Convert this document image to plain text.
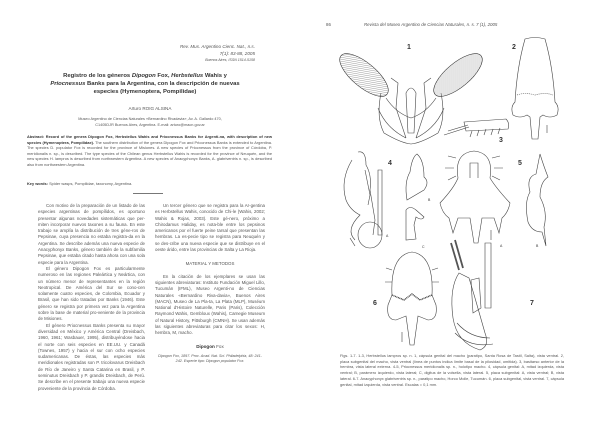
Rev. Mus. Argentino Cienc. Nat., n.s.
7(1): 83-88, 2005
Buenos Aires, ISSN 1514-5158
Registro de los géneros Dipogon Fox, Herbstellus Wahis y
Priocnessus Banks para la Argentina, con la descripción de nuevas especies (Hymenoptera, Pompilidae)
Arturo ROIG ALSINA
Museo Argentino de Ciencias Naturales «Bernardino Rivadavia», Av. A. Gallardo 470,
C1405DJR Buenos Aires, Argentina. E-mail: arturo@macn.gov.ar
Abstract: Record of the genera Dipogon Fox, Herbstellus Wahis and Priocnessus Banks for Argenti-na, with description of new species (Hymenoptera, Pompilidae). The southern distribution of the genera Dipogon Fox and Priocnessus Banks is extended to Argentina. The species D. populator Fox is recorded for the province of Misiones. A new species of Priocnessus from the province of Córdoba, P. meridionalis n. sp., is described. The type species of the Chilean genus Herbstellus Wahis is recorded for the province of Neuquén, and the new species H. lampros is described from northwestern Argentina. A new species of Anacyphonyx Banks, A. glabriventris n. sp., is described also from northwestern Argentina.
Key words: Spider wasps, Pompilidae, taxonomy, Argentina.

Con motivo de la preparación de un listado de las especies argentinas de pompílidos, es oportuno presentar algunas novedades sistemáticas que per-miten incorporar nuevos taxones a su fauna. En este trabajo se amplía la distribución de tres géne-ros de Pepsinae, cuya presencia no estaba registra-da en la Argentina. Se describe además una nueva especie de Anacyphonyx Banks, género también de la subfamilia Pepsinae, que estaba citado hasta ahora con una sola especie para la Argentina.

El género Dipogon Fox es particularmente numeroso en las regiones Paleártica y Neártica, con un número menor de representantes en la región Neotropical. De América del Sur se cono-cen solamente cuatro especies, de Colombia, Ecuador y Brasil, que han sido tratadas por Banks (1946). Este género se registra por primera vez para la Argentina sobre la base de material pro-veniente de la provincia de Misiones.

El género Priocnessus Banks presenta su mayor diversidad en México y América Central (Dreisbach, 1960, 1961; Wasbauer, 1995), distribuyéndose hacia el norte con seis especies en EE.UU. y Canadá (Townes, 1957) y hacia el sur con ocho especies sudamericanas. De éstas, las especies más meridionales registradas son P. tricolovarus Dreisbach de Río de Janeiro y Santa Catarina en Brasil, y P. seminutus Dreisbach y P. grandis Dreisbach, de Perú. Se describe en el presente trabajo una nueva especie proveniente de la provincia de Córdoba.

Un tercer género que se registra para la Ar-gentina es Herbstellus Wahis, conocido de Chi-le (Wahis, 2002; Wahis & Rojas, 2003). Este gé-nero, próximo a Chirodamus Haliday, es nota-ble entre los pepsinos americanos por el fuerte peine tarsal que presentan las hembras. La es-pecie tipo se registra para Neuquén y se des-cribe una nueva especie que se distribuye en el oeste árido, entre las provincias de Salta y La Rioja.

MATERIAL Y METODOS

En la citación de los ejemplares se usan las siguientes abreviaturas: Instituto Fundación Miguel Lillo, Tucumán (IFML), Museo Argenti-no de Ciencias Naturales «Bernardino Riva-davia», Buenos Aires (MACN), Museo de La Pla-ta, La Plata (MLP), Muséum National d'Histoire Naturelle, Paris (Paris), Colección Raymond Wahis, Gembloux (Wahis), Carnegie Museum of Natural History, Pittsburgh (CMNH). Se usan además las siguientes abreviaturas para citar los sexos: H, hembra, M, macho.

Dipogon Fox
Dipogon Fox, 1897. Proc. Acad. Nat. Sci. Philadelphia, 48: 241-242. Especie tipo: Dipogon populator Fox.
86	Revista del Museo Argentino de Ciencias Naturales, n. s. 7 (1), 2005
1	2
3
4
A
B
C
5
A	B
6	7
Figs. 1-7. 1-3, Herbstellus lampros sp. n. 1, cápsula genital del macho (paratipo, Santa Rosa de Tastil, Salta), vista ventral. 2, placa subgenital del macho, vista ventral (línea de puntos indica límite basal de la pilosidad, omitida). 3, basitarso anterior de la hembra, vista lateral externa. 4-5, Priocnessus meridionalis sp. n., holotipo macho. 4, cápsula genital: A, mitad izquierda, vista ventral; B, parámero izquierdo, vista lateral; C, digitus de la volsella, vista lateral. 5, placa subgenital: A, vista ventral; B, vista lateral. 6-7. Anacyphonyx glabriventris sp. n., paratipo macho, Horco Molle, Tucumán. 6, placa subgenital, vista ventral. 7, cápsula genital, mitad izquierda, vista ventral. Escalas = 0,1 mm.
